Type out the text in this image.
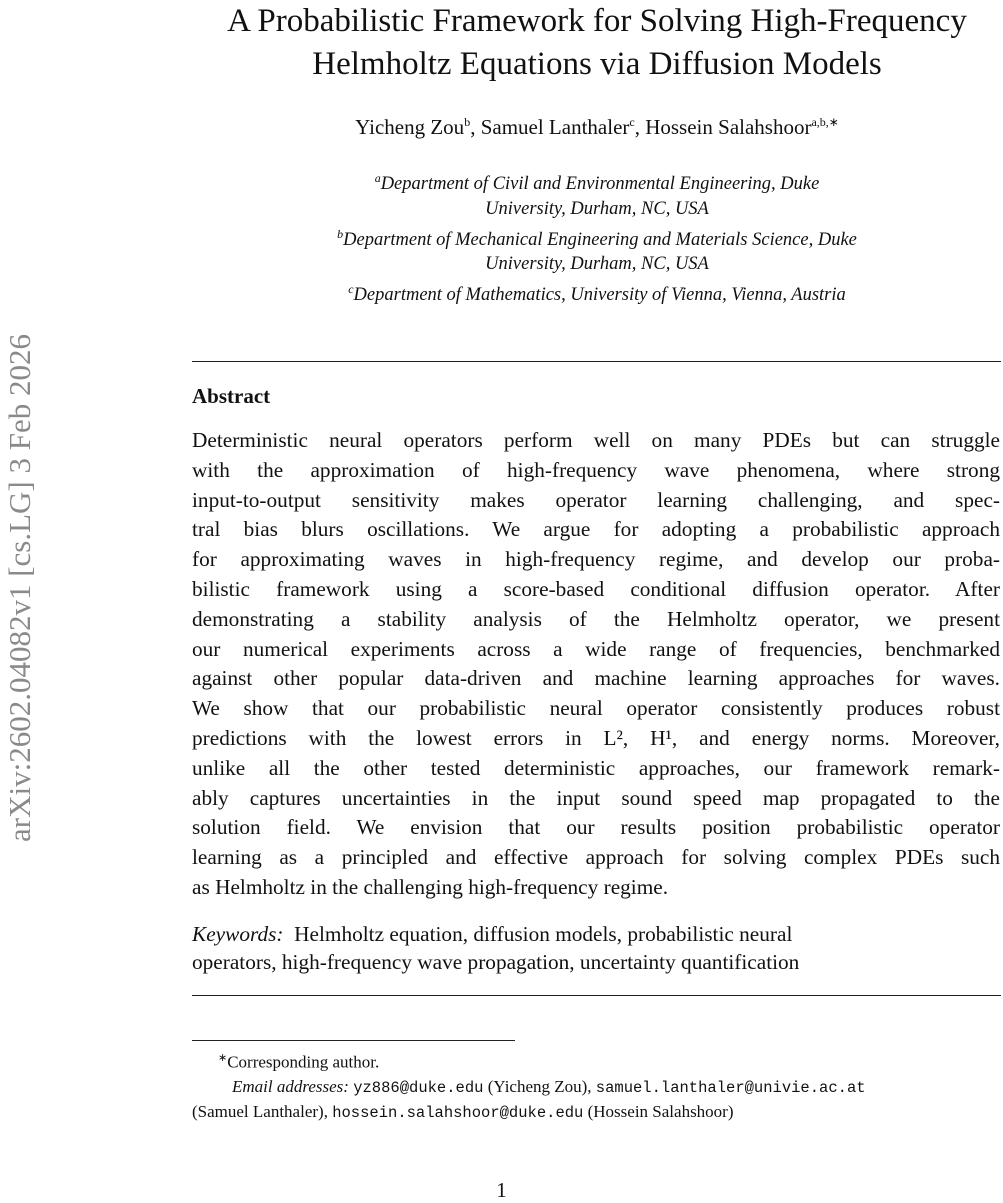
arXiv:2602.04082v1 [cs.LG] 3 Feb 2026
A Probabilistic Framework for Solving High-Frequency
Helmholtz Equations via Diffusion Models
Yicheng Zou$^b$, Samuel Lanthaler$^c$, Hossein Salahshoor$^{a,b,∗}$
$^a$Department of Civil and Environmental Engineering, Duke
University, Durham, NC, USA
$^b$Department of Mechanical Engineering and Materials Science, Duke
University, Durham, NC, USA
$^c$Department of Mathematics, University of Vienna, Vienna, Austria
Abstract
Deterministic neural operators perform well on many PDEs but can struggle
with the approximation of high-frequency wave phenomena, where strong
input-to-output sensitivity makes operator learning challenging, and spec-
tral bias blurs oscillations. We argue for adopting a probabilistic approach
for approximating waves in high-frequency regime, and develop our proba-
bilistic framework using a score-based conditional diffusion operator. After
demonstrating a stability analysis of the Helmholtz operator, we present
our numerical experiments across a wide range of frequencies, benchmarked
against other popular data-driven and machine learning approaches for waves.
We show that our probabilistic neural operator consistently produces robust
predictions with the lowest errors in L², H¹, and energy norms. Moreover,
unlike all the other tested deterministic approaches, our framework remark-
ably captures uncertainties in the input sound speed map propagated to the
solution field. We envision that our results position probabilistic operator
learning as a principled and effective approach for solving complex PDEs such
as Helmholtz in the challenging high-frequency regime.
Keywords: Helmholtz equation, diffusion models, probabilistic neural
operators, high-frequency wave propagation, uncertainty quantification
∗Corresponding author.
Email addresses: yz886@duke.edu (Yicheng Zou), samuel.lanthaler@univie.ac.at
(Samuel Lanthaler), hossein.salahshoor@duke.edu (Hossein Salahshoor)
1
